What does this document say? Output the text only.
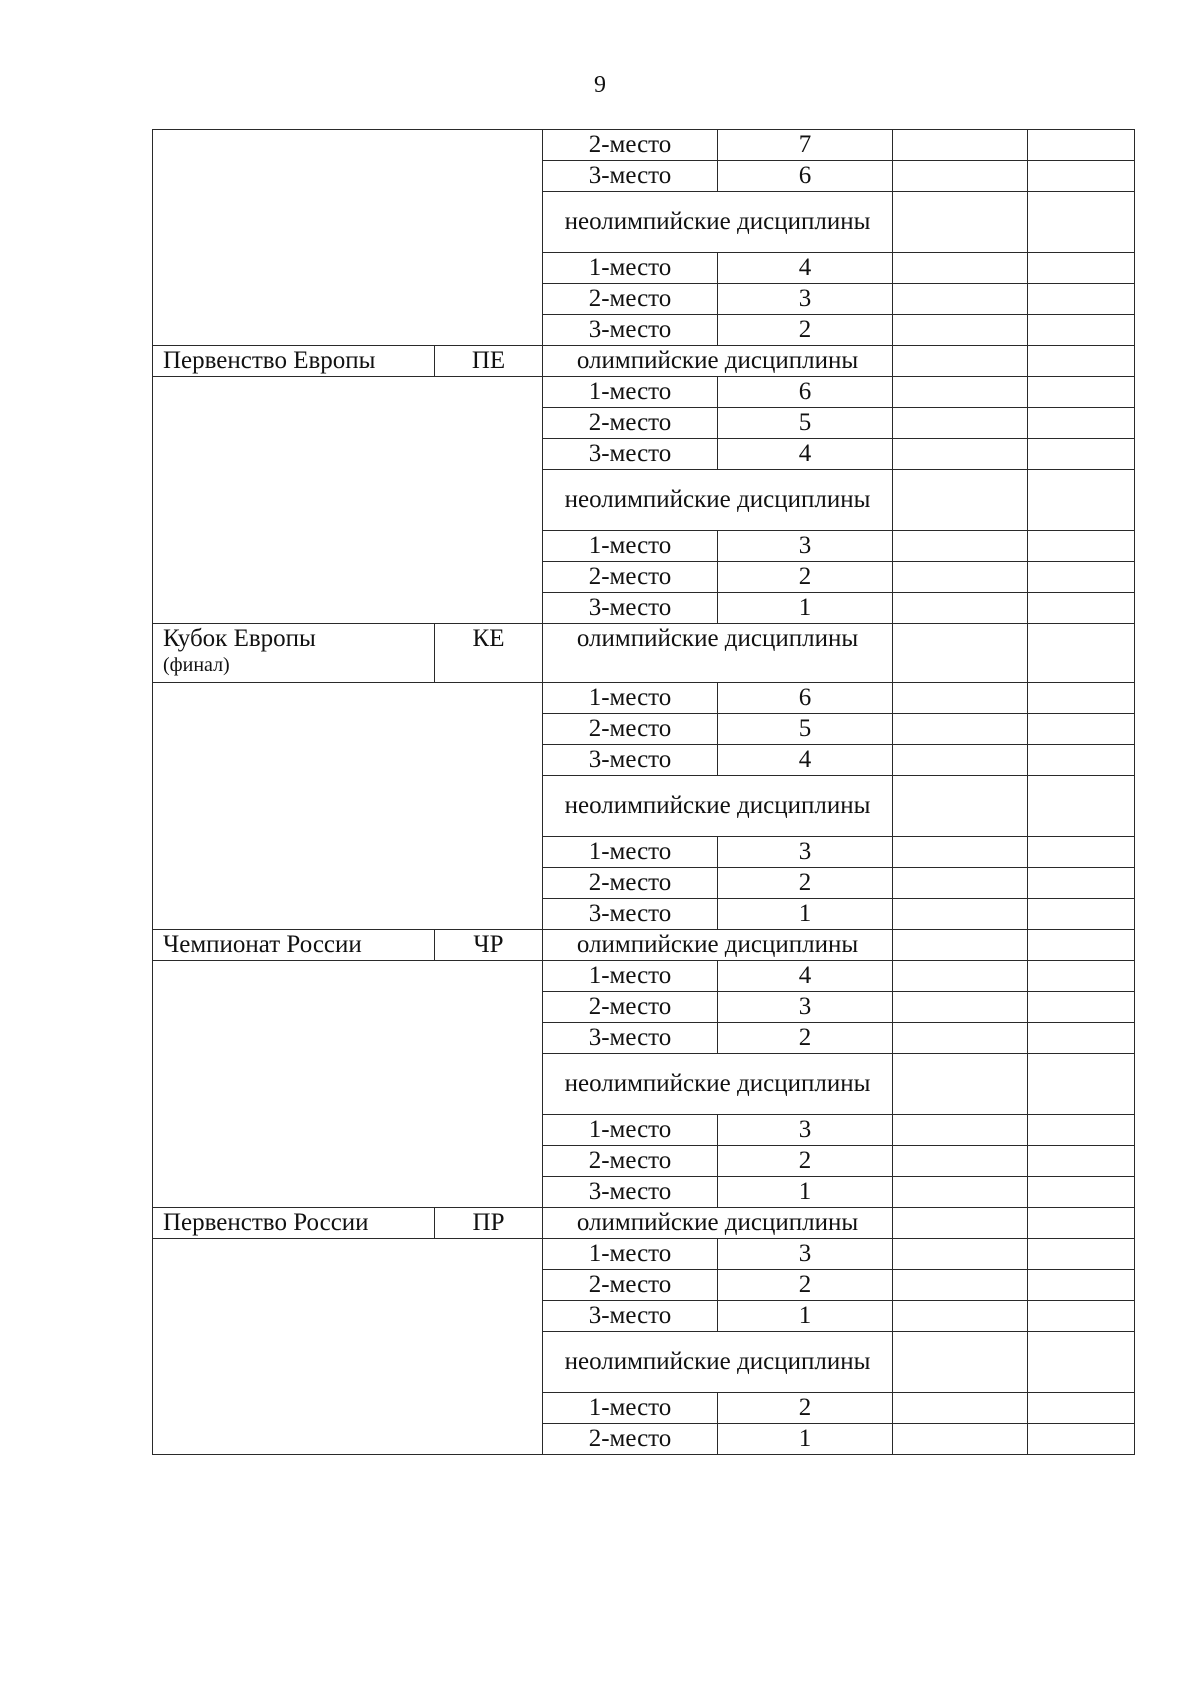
9
		2-место	7		
		3-место	6		
		неолимпийские дисциплины			
		1-место	4		
		2-место	3		
		3-место	2		
Первенство Европы	ПЕ	олимпийские дисциплины			
		1-место	6		
		2-место	5		
		3-место	4		
		неолимпийские дисциплины			
		1-место	3		
		2-место	2		
		3-место	1		
Кубок Европы
(финал)	КЕ	олимпийские дисциплины			
		1-место	6		
		2-место	5		
		3-место	4		
		неолимпийские дисциплины			
		1-место	3		
		2-место	2		
		3-место	1		
Чемпионат России	ЧР	олимпийские дисциплины			
		1-место	4		
		2-место	3		
		3-место	2		
		неолимпийские дисциплины			
		1-место	3		
		2-место	2		
		3-место	1		
Первенство России	ПР	олимпийские дисциплины			
		1-место	3		
		2-место	2		
		3-место	1		
		неолимпийские дисциплины			
		1-место	2		
		2-место	1		
